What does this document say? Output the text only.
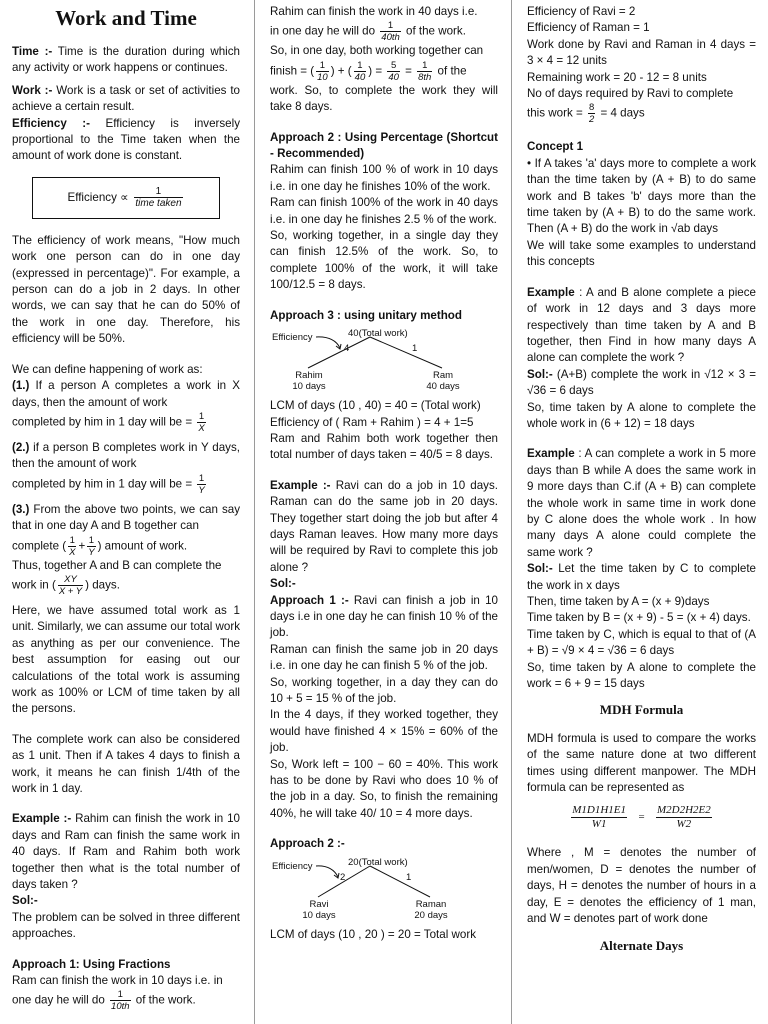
Work and Time

Time :- Time is the duration during which any activity or work happens or continues.

Work :- Work is a task or set of activities to achieve a certain result.

Efficiency :- Efficiency is inversely proportional to the Time taken when the amount of work done is constant.

Efficiency ∝ $\frac{1}{\text{time taken}}$

The efficiency of work means, "How much work one person can do in one day (expressed in percentage)". For example, a person can do a job in 2 days. In other words, we can say that he can do 50% of the work in one day. Therefore, his efficiency will be 50%.

We can define happening of work as:

(1.) If a person A completes a work in X days, then the amount of work

completed by him in 1 day will be = $\frac{1}{X}$

(2.) if a person B completes work in Y days, then the amount of work

completed by him in 1 day will be = $\frac{1}{Y}$

(3.) From the above two points, we can say that in one day A and B together can

complete ( $\frac{1}{X} + \frac{1}{Y}$ ) amount of work.

Thus, together A and B can complete the

work in ( $\frac{XY}{X + Y}$ ) days.

Here, we have assumed total work as 1 unit. Similarly, we can assume our total work as anything as per our convenience. The best assumption for easing out our calculations of the total work is assuming work as 100% or LCM of time taken by all the persons.

The complete work can also be considered as 1 unit. Then if A takes 4 days to finish a work, it means he can finish 1/4th of the work in 1 day.

Example :- Rahim can finish the work in 10 days and Ram can finish the same work in 40 days. If Ram and Rahim both work together then what is the total number of days taken ?

Sol:-

The problem can be solved in three different approaches.

Approach 1: Using Fractions

Ram can finish the work in 10 days i.e. in

one day he will do $\frac{1}{10th}$ of the work.

Rahim can finish the work in 40 days i.e.

in one day he will do $\frac{1}{40th}$ of the work.

So, in one day, both working together can

finish = ( $\frac{1}{10}$ ) + ( $\frac{1}{40}$ ) = $\frac{5}{40} = \frac{1}{8th}$ of the

work. So, to complete the work they will take 8 days.

Approach 2 : Using Percentage (Shortcut - Recommended)

Rahim can finish 100 % of work in 10 days i.e. in one day he finishes 10% of the work.

Ram can finish 100% of the work in 40 days i.e. in one day he finishes 2.5 % of the work.

So, working together, in a single day they can finish 12.5% of the work. So, to complete 100% of the work, it will take 100/12.5 = 8 days.

Approach 3 : using unitary method

Efficiency	40(Total work)
4	1
Rahim
10 days
Ram
40 days

LCM of days (10 , 40) = 40 = (Total work)

Efficiency of ( Ram + Rahim ) = 4 + 1=5

Ram and Rahim both work together then total number of days taken = 40/5 = 8 days.

Example :- Ravi can do a job in 10 days. Raman can do the same job in 20 days. They together start doing the job but after 4 days Raman leaves. How many more days will be required by Ravi to complete this job alone ?

Sol:-

Approach 1 :- Ravi can finish a job in 10 days i.e in one day he can finish 10 % of the job.

Raman can finish the same job in 20 days i.e. in one day he can finish 5 % of the job.

So, working together, in a day they can do 10 + 5 = 15 % of the job.

In the 4 days, if they worked together, they would have finished 4 × 15% = 60% of the job.

So, Work left = 100 − 60 = 40%. This work has to be done by Ravi who does 10 % of the job in a day. So, to finish the remaining 40%, he will take 40/ 10 = 4 more days.

Approach 2 :-

Efficiency	20(Total work)
2	1
Ravi
10 days
Raman
20 days

LCM of days (10 , 20 ) = 20 = Total work

Efficiency of Ravi = 2

Efficiency of Raman = 1

Work done by Ravi and Raman in 4 days = 3 × 4 = 12 units

Remaining work = 20 - 12 = 8 units

No of days required by Ravi to complete

this work = $\frac{8}{2} = 4$ days

Concept 1

• If A takes 'a' days more to complete a work than the time taken by (A + B) to do same work and B takes 'b' days more than the time taken by (A + B) to do the same work. Then (A + B) do the work in √ab days

We will take some examples to understand this concepts

Example : A and B alone complete a piece of work in 12 days and 3 days more respectively than time taken by A and B together, then Find in how many days A alone can complete the work ?

Sol:- (A+B) complete the work in √12 × 3 = √36 = 6 days

So, time taken by A alone to complete the whole work in (6 + 12) = 18 days

Example : A can complete a work in 5 more days than B while A does the same work in 9 more days than C.if (A + B) can complete the whole work in same time in work done by C alone does the whole work . In how many days A alone could complete the same work ?

Sol:- Let the time taken by C to complete the work in x days

Then, time taken by A = (x + 9)days

Time taken by B = (x + 9) - 5 = (x + 4) days.

Time taken by C, which is equal to that of (A + B) = √9 × 4 = √36 = 6 days

So, time taken by A alone to complete the work = 6 + 9 = 15 days

MDH Formula

MDH formula is used to compare the works of the same nature done at two different times using different manpower. The MDH formula can be represented as

$\frac{M1D1H1E1}{W1} = \frac{M2D2H2E2}{W2}$

Where , M = denotes the number of men/women, D = denotes the number of days, H = denotes the number of hours in a day, E = denotes the efficiency of 1 man, and W = denotes part of work done

Alternate Days
